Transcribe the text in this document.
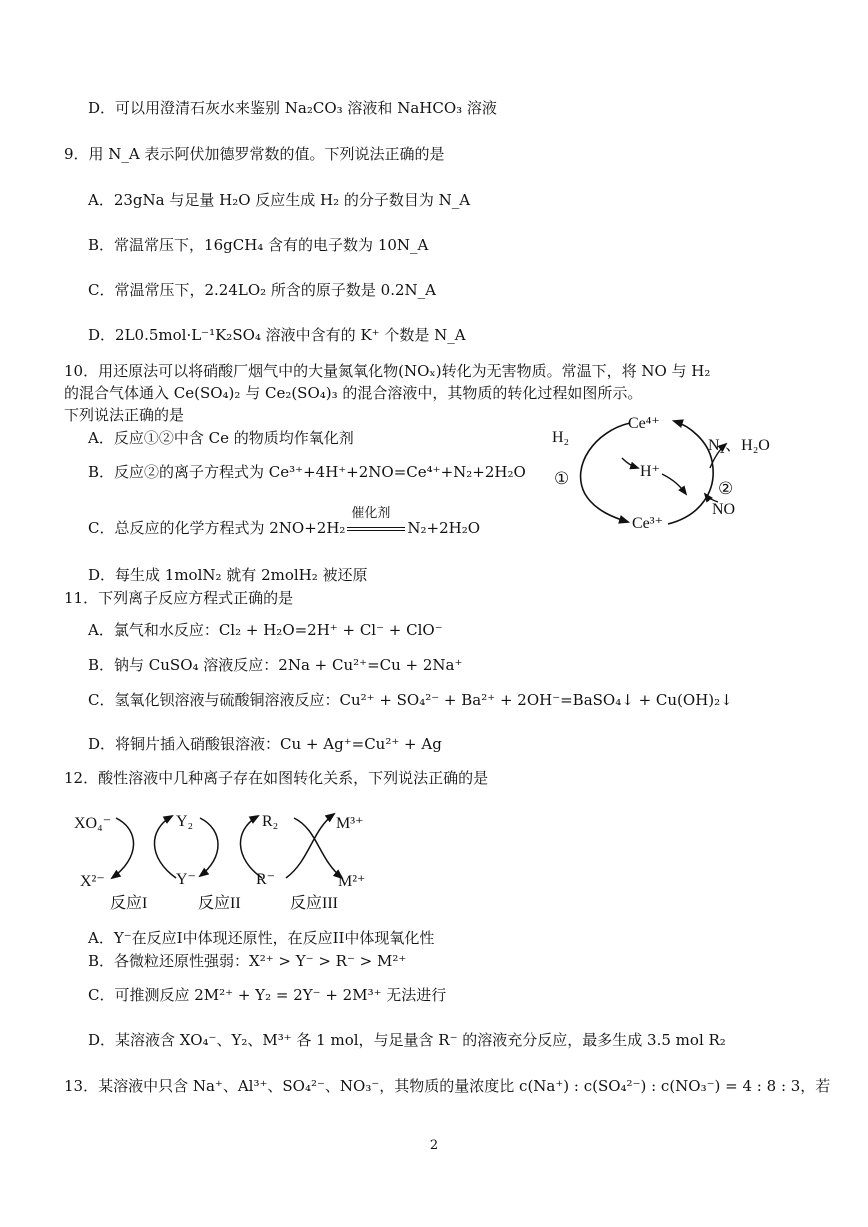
D．可以用澄清石灰水来鉴别 Na₂CO₃ 溶液和 NaHCO₃ 溶液
9．用 N_A 表示阿伏加德罗常数的值。下列说法正确的是
A．23gNa 与足量 H₂O 反应生成 H₂ 的分子数目为 N_A
B．常温常压下，16gCH₄ 含有的电子数为 10N_A
C．常温常压下，2.24LO₂ 所含的原子数是 0.2N_A
D．2L0.5mol·L⁻¹K₂SO₄ 溶液中含有的 K⁺ 个数是 N_A
10．用还原法可以将硝酸厂烟气中的大量氮氧化物(NOₓ)转化为无害物质。常温下，将 NO 与 H₂
的混合气体通入 Ce(SO₄)₂ 与 Ce₂(SO₄)₃ 的混合溶液中，其物质的转化过程如图所示。
下列说法正确的是
A．反应①②中含 Ce 的物质均作氧化剂
B．反应②的离子方程式为 Ce³⁺+4H⁺+2NO=Ce⁴⁺+N₂+2H₂O
C．总反应的化学方程式为 2NO+2H₂
催化剂
N₂+2H₂O
D．每生成 1molN₂ 就有 2molH₂ 被还原
Ce⁴⁺
Ce³⁺
H₂
H⁺
N₂、H₂O
NO
①
②
11．下列离子反应方程式正确的是
A．氯气和水反应：Cl₂ + H₂O=2H⁺ + Cl⁻ + ClO⁻
B．钠与 CuSO₄ 溶液反应：2Na + Cu²⁺=Cu + 2Na⁺
C．氢氧化钡溶液与硫酸铜溶液反应：Cu²⁺ + SO₄²⁻ + Ba²⁺ + 2OH⁻=BaSO₄↓ + Cu(OH)₂↓
D．将铜片插入硝酸银溶液：Cu + Ag⁺=Cu²⁺ + Ag
12．酸性溶液中几种离子存在如图转化关系，下列说法正确的是
XO₄⁻
X²⁻
Y₂
Y⁻
R₂
R⁻
M³⁺
M²⁺
反应I	反应II	反应III
A．Y⁻在反应I中体现还原性，在反应II中体现氧化性
B．各微粒还原性强弱：X²⁺ > Y⁻ > R⁻ > M²⁺
C．可推测反应 2M²⁺ + Y₂ = 2Y⁻ + 2M³⁺ 无法进行
D．某溶液含 XO₄⁻、Y₂、M³⁺ 各 1 mol，与足量含 R⁻ 的溶液充分反应，最多生成 3.5 mol R₂
13．某溶液中只含 Na⁺、Al³⁺、SO₄²⁻、NO₃⁻，其物质的量浓度比 c(Na⁺) : c(SO₄²⁻) : c(NO₃⁻) = 4 : 8 : 3，若
2
